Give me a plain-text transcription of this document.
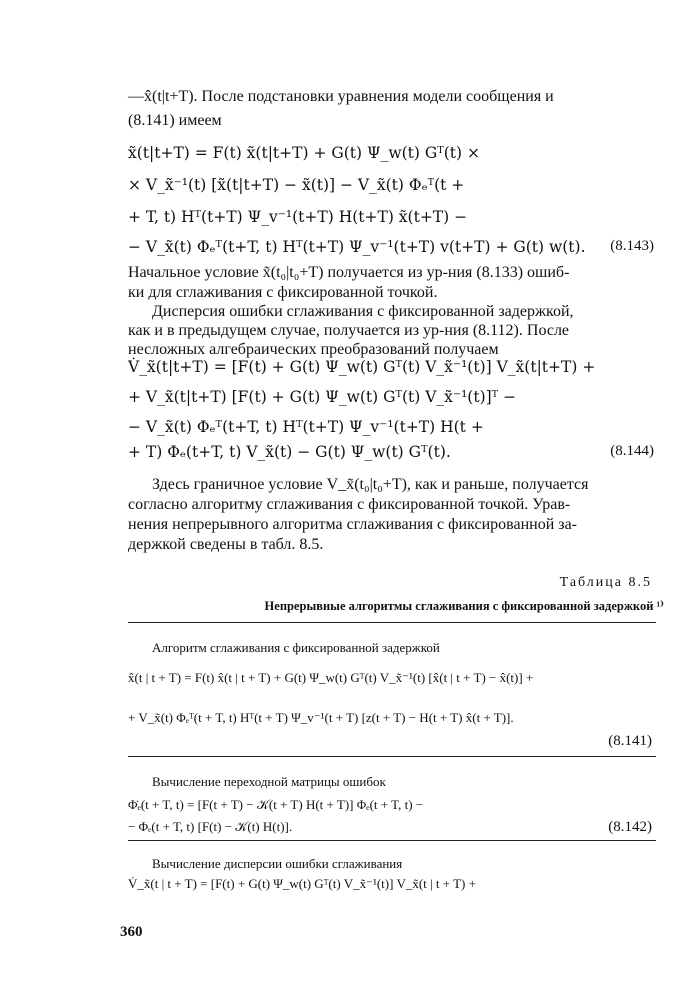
—x̂(t|t+T). После подстановки уравнения модели сообщения и
(8.141) имеем
x̃(t|t+T) = F(t) x̃(t|t+T) + G(t) Ψ_w(t) Gᵀ(t) ×
× V_x̃⁻¹(t) [x̃(t|t+T) − x̃(t)] − V_x̃(t) Φₑᵀ(t +
+ T, t) Hᵀ(t+T) Ψ_v⁻¹(t+T) H(t+T) x̃(t+T) −
− V_x̃(t) Φₑᵀ(t+T, t) Hᵀ(t+T) Ψ_v⁻¹(t+T) v(t+T) + G(t) w(t). (8.143)
Начальное условие x̃(t₀|t₀+T) получается из ур-ния (8.133) ошиб-
ки для сглаживания с фиксированной точкой.
Дисперсия ошибки сглаживания с фиксированной задержкой,
как и в предыдущем случае, получается из ур-ния (8.112). После
несложных алгебраических преобразований получаем
V̇_x̃(t|t+T) = [F(t) + G(t) Ψ_w(t) Gᵀ(t) V_x̃⁻¹(t)] V_x̃(t|t+T) +
+ V_x̃(t|t+T) [F(t) + G(t) Ψ_w(t) Gᵀ(t) V_x̃⁻¹(t)]ᵀ −
− V_x̃(t) Φₑᵀ(t+T, t) Hᵀ(t+T) Ψ_v⁻¹(t+T) H(t +
+ T) Φₑ(t+T, t) V_x̃(t) − G(t) Ψ_w(t) Gᵀ(t).	(8.144)
Здесь граничное условие V_x̃(t₀|t₀+T), как и раньше, получается
согласно алгоритму сглаживания с фиксированной точкой. Урав-
нения непрерывного алгоритма сглаживания с фиксированной за-
держкой сведены в табл. 8.5.
Таблица 8.5
Непрерывные алгоритмы сглаживания с фиксированной задержкой ¹⁾
Алгоритм сглаживания с фиксированной задержкой
x̂(t | t + T) = F(t) x̂(t | t + T) + G(t) Ψ_w(t) Gᵀ(t) V_x̃⁻¹(t) [x̂(t | t + T) − x̂(t)] +
+ V_x̃(t) Φₑᵀ(t + T, t) Hᵀ(t + T) Ψ_v⁻¹(t + T) [z(t + T) − H(t + T) x̂(t + T)].
(8.141)
Вычисление переходной матрицы ошибок
Φ̇ₑ(t + T, t) = [F(t + T) − 𝒦(t + T) H(t + T)] Φₑ(t + T, t) −
− Φₑ(t + T, t) [F(t) − 𝒦(t) H(t)].	(8.142)
Вычисление дисперсии ошибки сглаживания
V̇_x̃(t | t + T) = [F(t) + G(t) Ψ_w(t) Gᵀ(t) V_x̃⁻¹(t)] V_x̃(t | t + T) +
360
